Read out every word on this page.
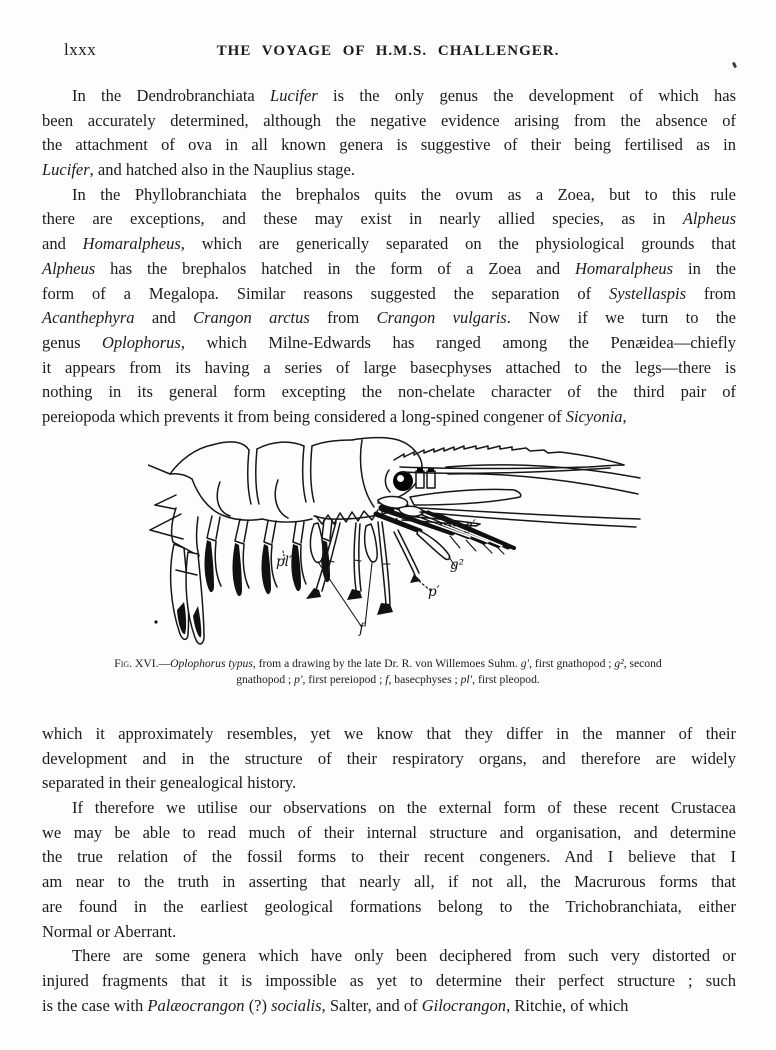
lxxx	THE VOYAGE OF H.M.S. CHALLENGER.

In the Dendrobranchiata Lucifer is the only genus the development of which has
been accurately determined, although the negative evidence arising from the absence of
the attachment of ova in all known genera is suggestive of their being fertilised as in
Lucifer, and hatched also in the Nauplius stage.

In the Phyllobranchiata the brephalos quits the ovum as a Zoea, but to this rule
there are exceptions, and these may exist in nearly allied species, as in Alpheus
and Homaralpheus, which are generically separated on the physiological grounds that
Alpheus has the brephalos hatched in the form of a Zoea and Homaralpheus in the
form of a Megalopa. Similar reasons suggested the separation of Systellaspis from
Acanthephyra and Crangon arctus from Crangon vulgaris. Now if we turn to the
genus Oplophorus, which Milne-Edwards has ranged among the Penæidea—chiefly
it appears from its having a series of large basecphyses attached to the legs—there is
nothing in its general form excepting the non-chelate character of the third pair of
pereiopoda which prevents it from being considered a long-spined congener of Sicyonia,

g′
g²
p′
f
pl′
Fig. XVI.—Oplophorus typus, from a drawing by the late Dr. R. von Willemoes Suhm. g′, first gnathopod ; g², second
gnathopod ; p′, first pereiopod ; f, basecphyses ; pl′, first pleopod.

which it approximately resembles, yet we know that they differ in the manner of their
development and in the structure of their respiratory organs, and therefore are widely
separated in their genealogical history.

If therefore we utilise our observations on the external form of these recent Crustacea
we may be able to read much of their internal structure and organisation, and determine
the true relation of the fossil forms to their recent congeners. And I believe that I
am near to the truth in asserting that nearly all, if not all, the Macrurous forms that
are found in the earliest geological formations belong to the Trichobranchiata, either
Normal or Aberrant.

There are some genera which have only been deciphered from such very distorted or
injured fragments that it is impossible as yet to determine their perfect structure ; such
is the case with Palæocrangon (?) socialis, Salter, and of Gilocrangon, Ritchie, of which
